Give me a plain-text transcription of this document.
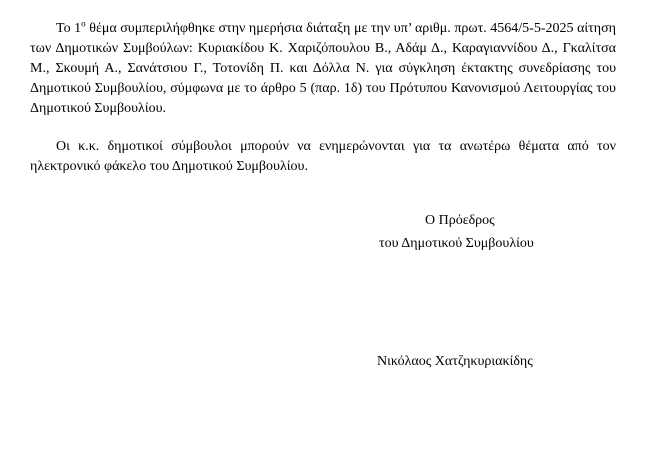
Το $1^o$ θέμα συμπεριλήφθηκε στην ημερήσια διάταξη με την υπ’ αριθμ. πρωτ. 4564/5-5-2025 αίτηση των Δημοτικών Συμβούλων: Κυριακίδου Κ. Χαριζόπουλου Β., Αδάμ Δ., Καραγιαννίδου Δ., Γκαλίτσα Μ., Σκουμή Α., Σανάτσιου Γ., Τοτονίδη Π. και Δόλλα Ν. για σύγκληση έκτακτης συνεδρίασης του Δημοτικού Συμβουλίου, σύμφωνα με το άρθρο 5 (παρ. 1δ) του Πρότυπου Κανονισμού Λειτουργίας του Δημοτικού Συμβουλίου.

Οι κ.κ. δημοτικοί σύμβουλοι μπορούν να ενημερώνονται για τα ανωτέρω θέματα από τον ηλεκτρονικό φάκελο του Δημοτικού Συμβουλίου.

Ο Πρόεδρος
του Δημοτικού Συμβουλίου
Νικόλαος Χατζηκυριακίδης
